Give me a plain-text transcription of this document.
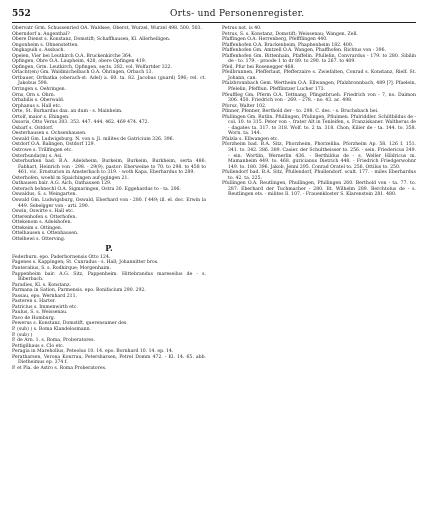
552	Orts- und Personenregister.

Obervatr Grm. Schussenried OA. Waldsee, Oberst, Wurzel, Wurzel 498. 500. 503.

Oberndorf a. Augenthal?

Obere Dienst s. Konstanz, Domstift; Schaffhausen, Kl. Allerheiligen.

Ongonheim s. Ohnenstetten.

Ongkapuih s. Assbach.

Opelen, Vier bei Leutkirch O.A. Bruckenkirche 364.

Opfingen, Obre O.A. Laupheim, 428, obere Opfingen 419.

Opfingen, Grm. Leutkirch, Opfingen, sects. 282. vol. Wolfartder 322.

Orlacht(en) Gm. Waldmichelbach O.A. Öhringen, Orbach 13.

Ortbauer, Ortbatka (oberach-st. Adel) a. 60. ta. 82. Jacobus (guard) 596; rel. ct. Jakobus 598.

Orringen s. Oehringen.

Orns, Orn s. Ohrn.

Orbabilis s. Oberwald.

Orphanus s. Hall etc.

Orte, St. Burkardus dax. an dum - s. Mainheim.

Ortolf, maior s. Ehingen.

Ossoris, Otto Verus 303. 353. 447. 444. 462. 469 474. 472.

Osbarf s. Ostdorf.

Oesterhausen s. Ochsenhausen.

Oswald Gm. Ludwigsburg. N. von s. Ji. milites de Gatricium 326. 396.

Ostdorf O.A. Balingen, Ostdorf 129.

Ostrowe s. Trillfingen etc.

Osterbunda(m) s. Asi.

Osterburken bad. B.A. Adelsheim, Burkeim, Burkeim, Burkheim, serta 486. Fabhart, Heinrich von - 298. - 29(9), pastor: Eberweine to 70. to 298. to 458 to 461. vic. Ernsturion in Amsterbach to 319. - woth Kapa, Eberhardus to 289.

Osterhofen, woehl m Spaichingen auf-pgingen 21.

Oathausen bair. A.G. Aich, Oathausen 129.

Osterach bohnechl O.A. Sigmaringen, Ostra 30. Eggehardus to - ta. 206.

Oswaldus, S. s. Weingarten.

Oswald Gm. Ludwigsburg, Oswald, Eberhard von - 280. f 449; ill. el. doc. Erwin la 449. Sebelgger von - arti. 290.

Oswin, Oswirte s. Hall etc.

Otterenhofen s. Otterhofen.

Ottekenom s. Adelshofen.

Ottekeim s. Ottingen.

Ottelhausen s. Ottenhausen.

Ottelhewi s. Otterving.

P.

Federburn. epo. Paderbornensis Otto 124.

Pagenes s. Kappingen; St. Cunradus - s. Hall; Johannitter bros.

Panteralius, S. s. Rodkirque; Morgenhaim.

Pappenheim bair. A.G. Sitz, Pappenheim. Hittebrandus mareseilus de - s. Biberbach.

Paradies, Kl. s. Konstanz.

Parmana in Sation, Parmensis. epo. Bonifacium 290. 292.

Passau, epo. Wernhard 211.

Pasteren s. Harter.

Patricius s. Immenwirth etc.

Paulus, S. s. Weissenau.

Pavo de Homburg.

Pewerus s. Konstanz, Domstift, querensumer des.

P. (sub) ) s. Roma Klandelosmann.

P. (sub) )

P. de Arn. 1. s. Roma, Proberatores.

Pettigilhaus s. Clo etc.

Peragia in Marehollus, Peteolus 10. 14. epo. Bornhard 10. 14. ep. 14.

Peratharsen, Verona Konrrau, Petersharsen, Petrel Domm 472. - Kl. 14. 65. abb. Dietheimus ep. 374 f.

P. et Pla. de Astro s. Roma Proberatores.

Petrus not. is 40.

Petrus, S. s. Konstanz, Domstift; Weissenau; Wangen, Zell.

Pfaffingen O.A. Herrenberg, Pfeffflingen 440.

Pfaffenhofen O.A. Brackenheim, Phaphenheim 182. 400.

Pfaffenhofen Gm. Amtzell O.A. Wangen, Phaffhofen. Richtus von - 396.

Pfaffenhofen Gm. Bittenhain, Pfaffelin. Pfullelin, Convrardus - 179. to 280. Sibilin de - to. 179. - proode 1 to dr 89. to 290. to 267. to 409.

Pfeil, Pfur bei Rosenegger 468.

Pfeilbrunnen, Pfefferlaut, Pfefferzaire s. Zwiefalten, Conrad s. Konstanz, Rielf. St. Johann, can.

Pfalzbronnbach Gem. Wertheim O.A. Ellwangen, Pfalzbronnbach, 489 [?]. Pfaelein, Pfelelin, Pfefflun. Pfefflintzer Lucher 173.

Pfeuffleg Gm. Pferm O.A. Tettnang, Pfingstbrueh. Friedrich von - 7, no. Daimon 306. 450. Friedrich von - 269. - 278. - no. 43. ac. 498.

Pforsz, Walter 102.

Pfinner, Pfenner, Berthold der - to. 298. C. des. - s. Bruchsbach bei.

Pfullingen Gm. Rutlin. Pfullingen, Pfulingen, Pfluimen. Pfulriddler. Schiltbildus de - col. 10. to 315. Peter von -, frater Alt in Tenleifen, s. Franziskaner. Waltherus de - dagates ta. 317. to 318. Wolf. to. 2 ta. 318. Chon, Kilier de - ta. 144. to. 358. Worn. ta. 144.

Pfalzla s. Ellwangen etc.

Pforzheim bad. B.A. Sitz, Phorzheim, Phorzeliba. Pforzheim Ap. 58. 126 f. 151. 341. to. 342. 386. 389. Casier. der Schultheisser to. 256. - sein. Friedericus 349. - ein. Wortlin, Wernerlin 436. - Berthildus de - s. Weller Hildricus m. Mamanheim 449. to. 468. guricianus Dietrich 448. - Friedrich Friedgerwohnr 149. to. 180. 396. Jakob, Jenni 295. Conrad Oratel to. 256. Ottilus to. 250.

Pfullendorf bad. B.A. Sitz, Pfullendorf, Phullendorf. scult. 177. - miles Eberhardus to. 42. ta. 225.

Pfullingen O.A. Reutlingen, Phullingen, Pfullingen 260. Berthold von - ta. 77. to. 287. Eberhard der Tuchmacher - 280. Ilt. Wilhelm 289. Berchtolus de - s. Reutlingen ets. - milites Il. 107. - Frauenkloster S. Klarenstein 281. 480.
